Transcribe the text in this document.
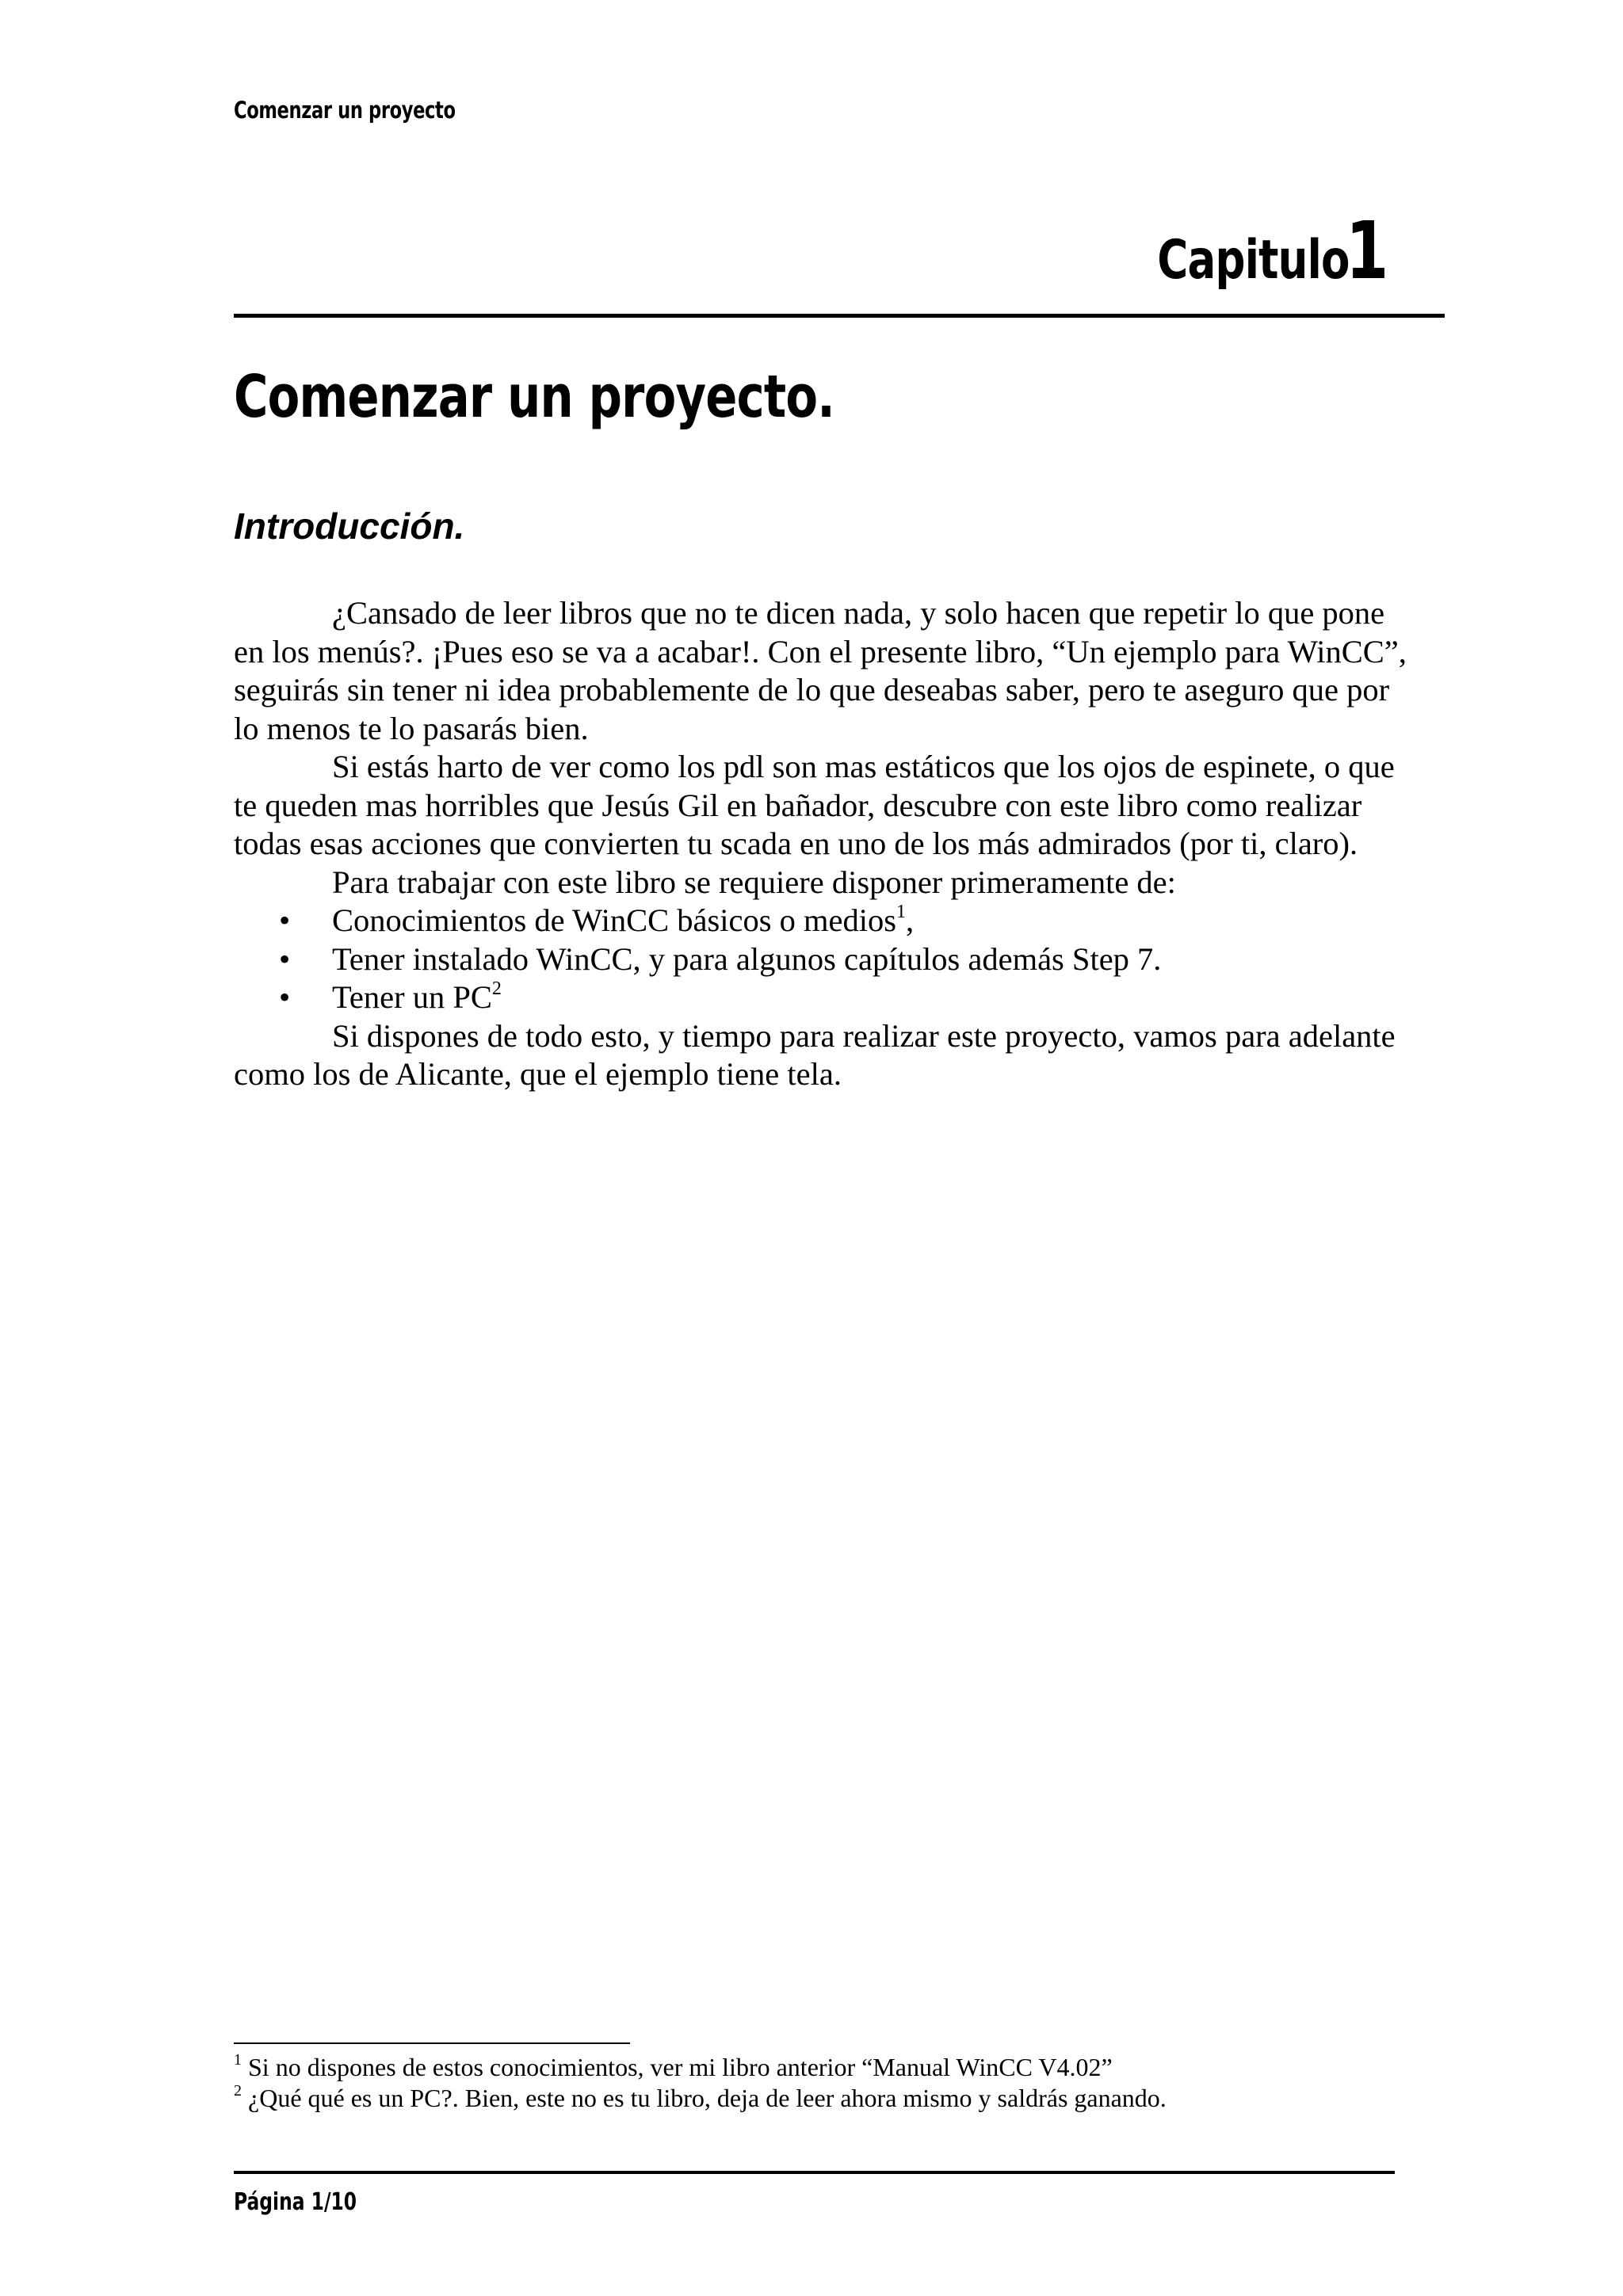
Comenzar un proyecto
Capitulo 1
Comenzar un proyecto.
Introducción.

¿Cansado de leer libros que no te dicen nada, y solo hacen que repetir lo que pone en los menús?. ¡Pues eso se va a acabar!. Con el presente libro, “Un ejemplo para WinCC”, seguirás sin tener ni idea probablemente de lo que deseabas saber, pero te aseguro que por lo menos te lo pasarás bien.

Si estás harto de ver como los pdl son mas estáticos que los ojos de espinete, o que te queden mas horribles que Jesús Gil en bañador, descubre con este libro como realizar todas esas acciones que convierten tu scada en uno de los más admirados (por ti, claro).

Para trabajar con este libro se requiere disponer primeramente de:

• Conocimientos de WinCC básicos o medios$^1$,
• Tener instalado WinCC, y para algunos capítulos además Step 7.
• Tener un $PC^2$

Si dispones de todo esto, y tiempo para realizar este proyecto, vamos para adelante como los de Alicante, que el ejemplo tiene tela.

$^1$ Si no dispones de estos conocimientos, ver mi libro anterior “Manual WinCC V4.02”
$^2$ ¿Qué qué es un PC?. Bien, este no es tu libro, deja de leer ahora mismo y saldrás ganando.
Página 1/10
